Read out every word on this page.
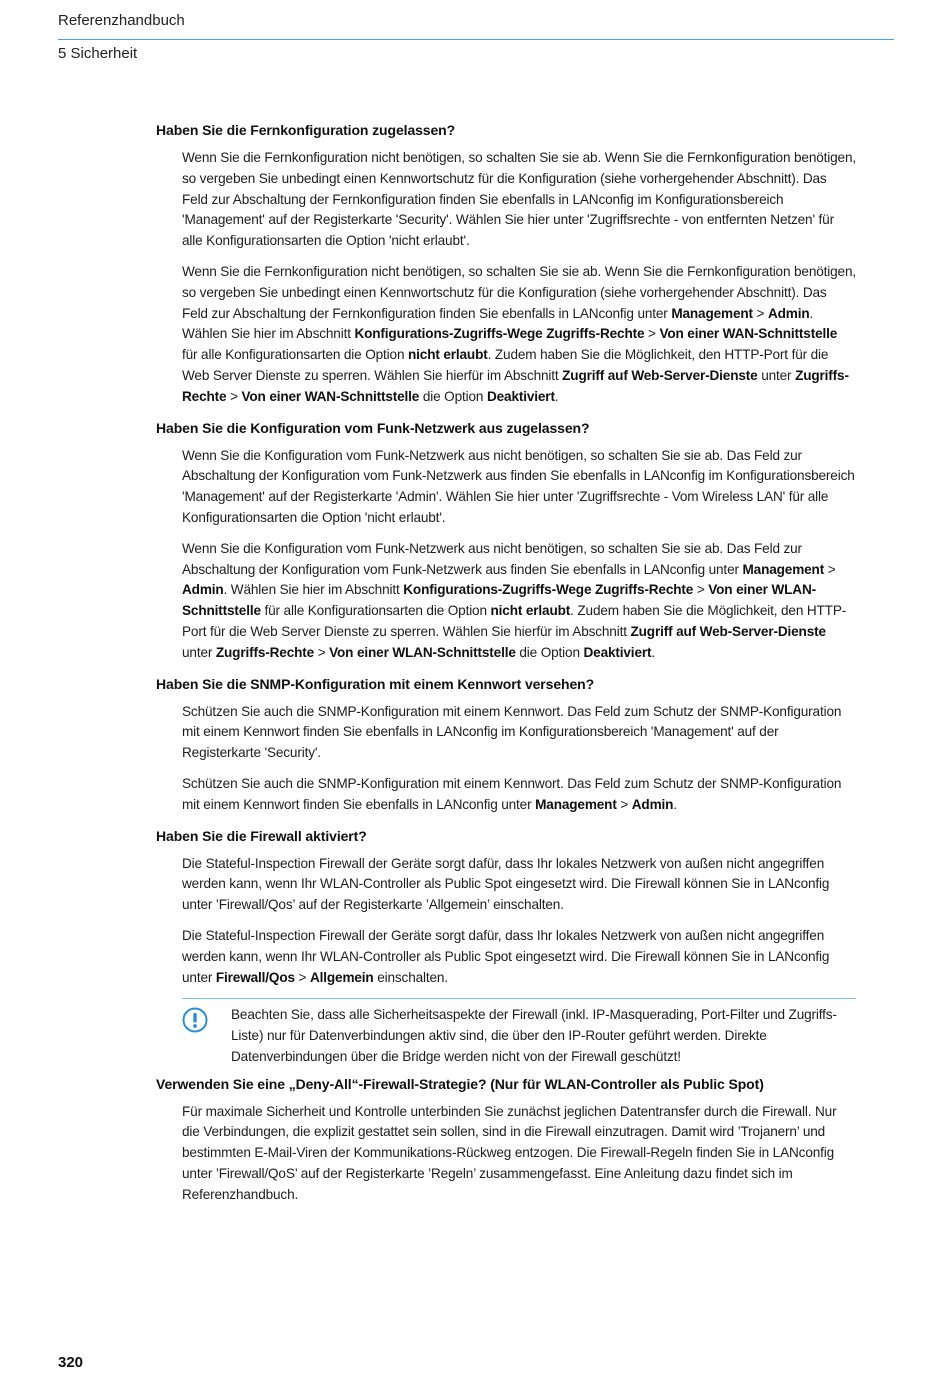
Referenzhandbuch
5 Sicherheit
Haben Sie die Fernkonfiguration zugelassen?
Wenn Sie die Fernkonfiguration nicht benötigen, so schalten Sie sie ab. Wenn Sie die Fernkonfiguration benötigen, so vergeben Sie unbedingt einen Kennwortschutz für die Konfiguration (siehe vorhergehender Abschnitt). Das Feld zur Abschaltung der Fernkonfiguration finden Sie ebenfalls in LANconfig im Konfigurationsbereich 'Management' auf der Registerkarte 'Security'. Wählen Sie hier unter 'Zugriffsrechte - von entfernten Netzen' für alle Konfigurationsarten die Option 'nicht erlaubt'.
Wenn Sie die Fernkonfiguration nicht benötigen, so schalten Sie sie ab. Wenn Sie die Fernkonfiguration benötigen, so vergeben Sie unbedingt einen Kennwortschutz für die Konfiguration (siehe vorhergehender Abschnitt). Das Feld zur Abschaltung der Fernkonfiguration finden Sie ebenfalls in LANconfig unter Management > Admin. Wählen Sie hier im Abschnitt Konfigurations-Zugriffs-Wege Zugriffs-Rechte > Von einer WAN-Schnittstelle für alle Konfigurationsarten die Option nicht erlaubt. Zudem haben Sie die Möglichkeit, den HTTP-Port für die Web Server Dienste zu sperren. Wählen Sie hierfür im Abschnitt Zugriff auf Web-Server-Dienste unter Zugriffs-Rechte > Von einer WAN-Schnittstelle die Option Deaktiviert.
Haben Sie die Konfiguration vom Funk-Netzwerk aus zugelassen?
Wenn Sie die Konfiguration vom Funk-Netzwerk aus nicht benötigen, so schalten Sie sie ab. Das Feld zur Abschaltung der Konfiguration vom Funk-Netzwerk aus finden Sie ebenfalls in LANconfig im Konfigurationsbereich 'Management' auf der Registerkarte 'Admin'. Wählen Sie hier unter 'Zugriffsrechte - Vom Wireless LAN' für alle Konfigurationsarten die Option 'nicht erlaubt'.
Wenn Sie die Konfiguration vom Funk-Netzwerk aus nicht benötigen, so schalten Sie sie ab. Das Feld zur Abschaltung der Konfiguration vom Funk-Netzwerk aus finden Sie ebenfalls in LANconfig unter Management > Admin. Wählen Sie hier im Abschnitt Konfigurations-Zugriffs-Wege Zugriffs-Rechte > Von einer WLAN-Schnittstelle für alle Konfigurationsarten die Option nicht erlaubt. Zudem haben Sie die Möglichkeit, den HTTP-Port für die Web Server Dienste zu sperren. Wählen Sie hierfür im Abschnitt Zugriff auf Web-Server-Dienste unter Zugriffs-Rechte > Von einer WLAN-Schnittstelle die Option Deaktiviert.
Haben Sie die SNMP-Konfiguration mit einem Kennwort versehen?
Schützen Sie auch die SNMP-Konfiguration mit einem Kennwort. Das Feld zum Schutz der SNMP-Konfiguration mit einem Kennwort finden Sie ebenfalls in LANconfig im Konfigurationsbereich 'Management' auf der Registerkarte 'Security'.
Schützen Sie auch die SNMP-Konfiguration mit einem Kennwort. Das Feld zum Schutz der SNMP-Konfiguration mit einem Kennwort finden Sie ebenfalls in LANconfig unter Management > Admin.
Haben Sie die Firewall aktiviert?
Die Stateful-Inspection Firewall der Geräte sorgt dafür, dass Ihr lokales Netzwerk von außen nicht angegriffen werden kann, wenn Ihr WLAN-Controller als Public Spot eingesetzt wird. Die Firewall können Sie in LANconfig unter ’Firewall/Qos’ auf der Registerkarte ’Allgemein’ einschalten.
Die Stateful-Inspection Firewall der Geräte sorgt dafür, dass Ihr lokales Netzwerk von außen nicht angegriffen werden kann, wenn Ihr WLAN-Controller als Public Spot eingesetzt wird. Die Firewall können Sie in LANconfig unter Firewall/Qos > Allgemein einschalten.
Beachten Sie, dass alle Sicherheitsaspekte der Firewall (inkl. IP-Masquerading, Port-Filter und Zugriffs-Liste) nur für Datenverbindungen aktiv sind, die über den IP-Router geführt werden. Direkte Datenverbindungen über die Bridge werden nicht von der Firewall geschützt!
Verwenden Sie eine „Deny-All“-Firewall-Strategie? (Nur für WLAN-Controller als Public Spot)
Für maximale Sicherheit und Kontrolle unterbinden Sie zunächst jeglichen Datentransfer durch die Firewall. Nur die Verbindungen, die explizit gestattet sein sollen, sind in die Firewall einzutragen. Damit wird ’Trojanern’ und bestimmten E-Mail-Viren der Kommunikations-Rückweg entzogen. Die Firewall-Regeln finden Sie in LANconfig unter ’Firewall/QoS’ auf der Registerkarte ’Regeln’ zusammengefasst. Eine Anleitung dazu findet sich im Referenzhandbuch.
320
